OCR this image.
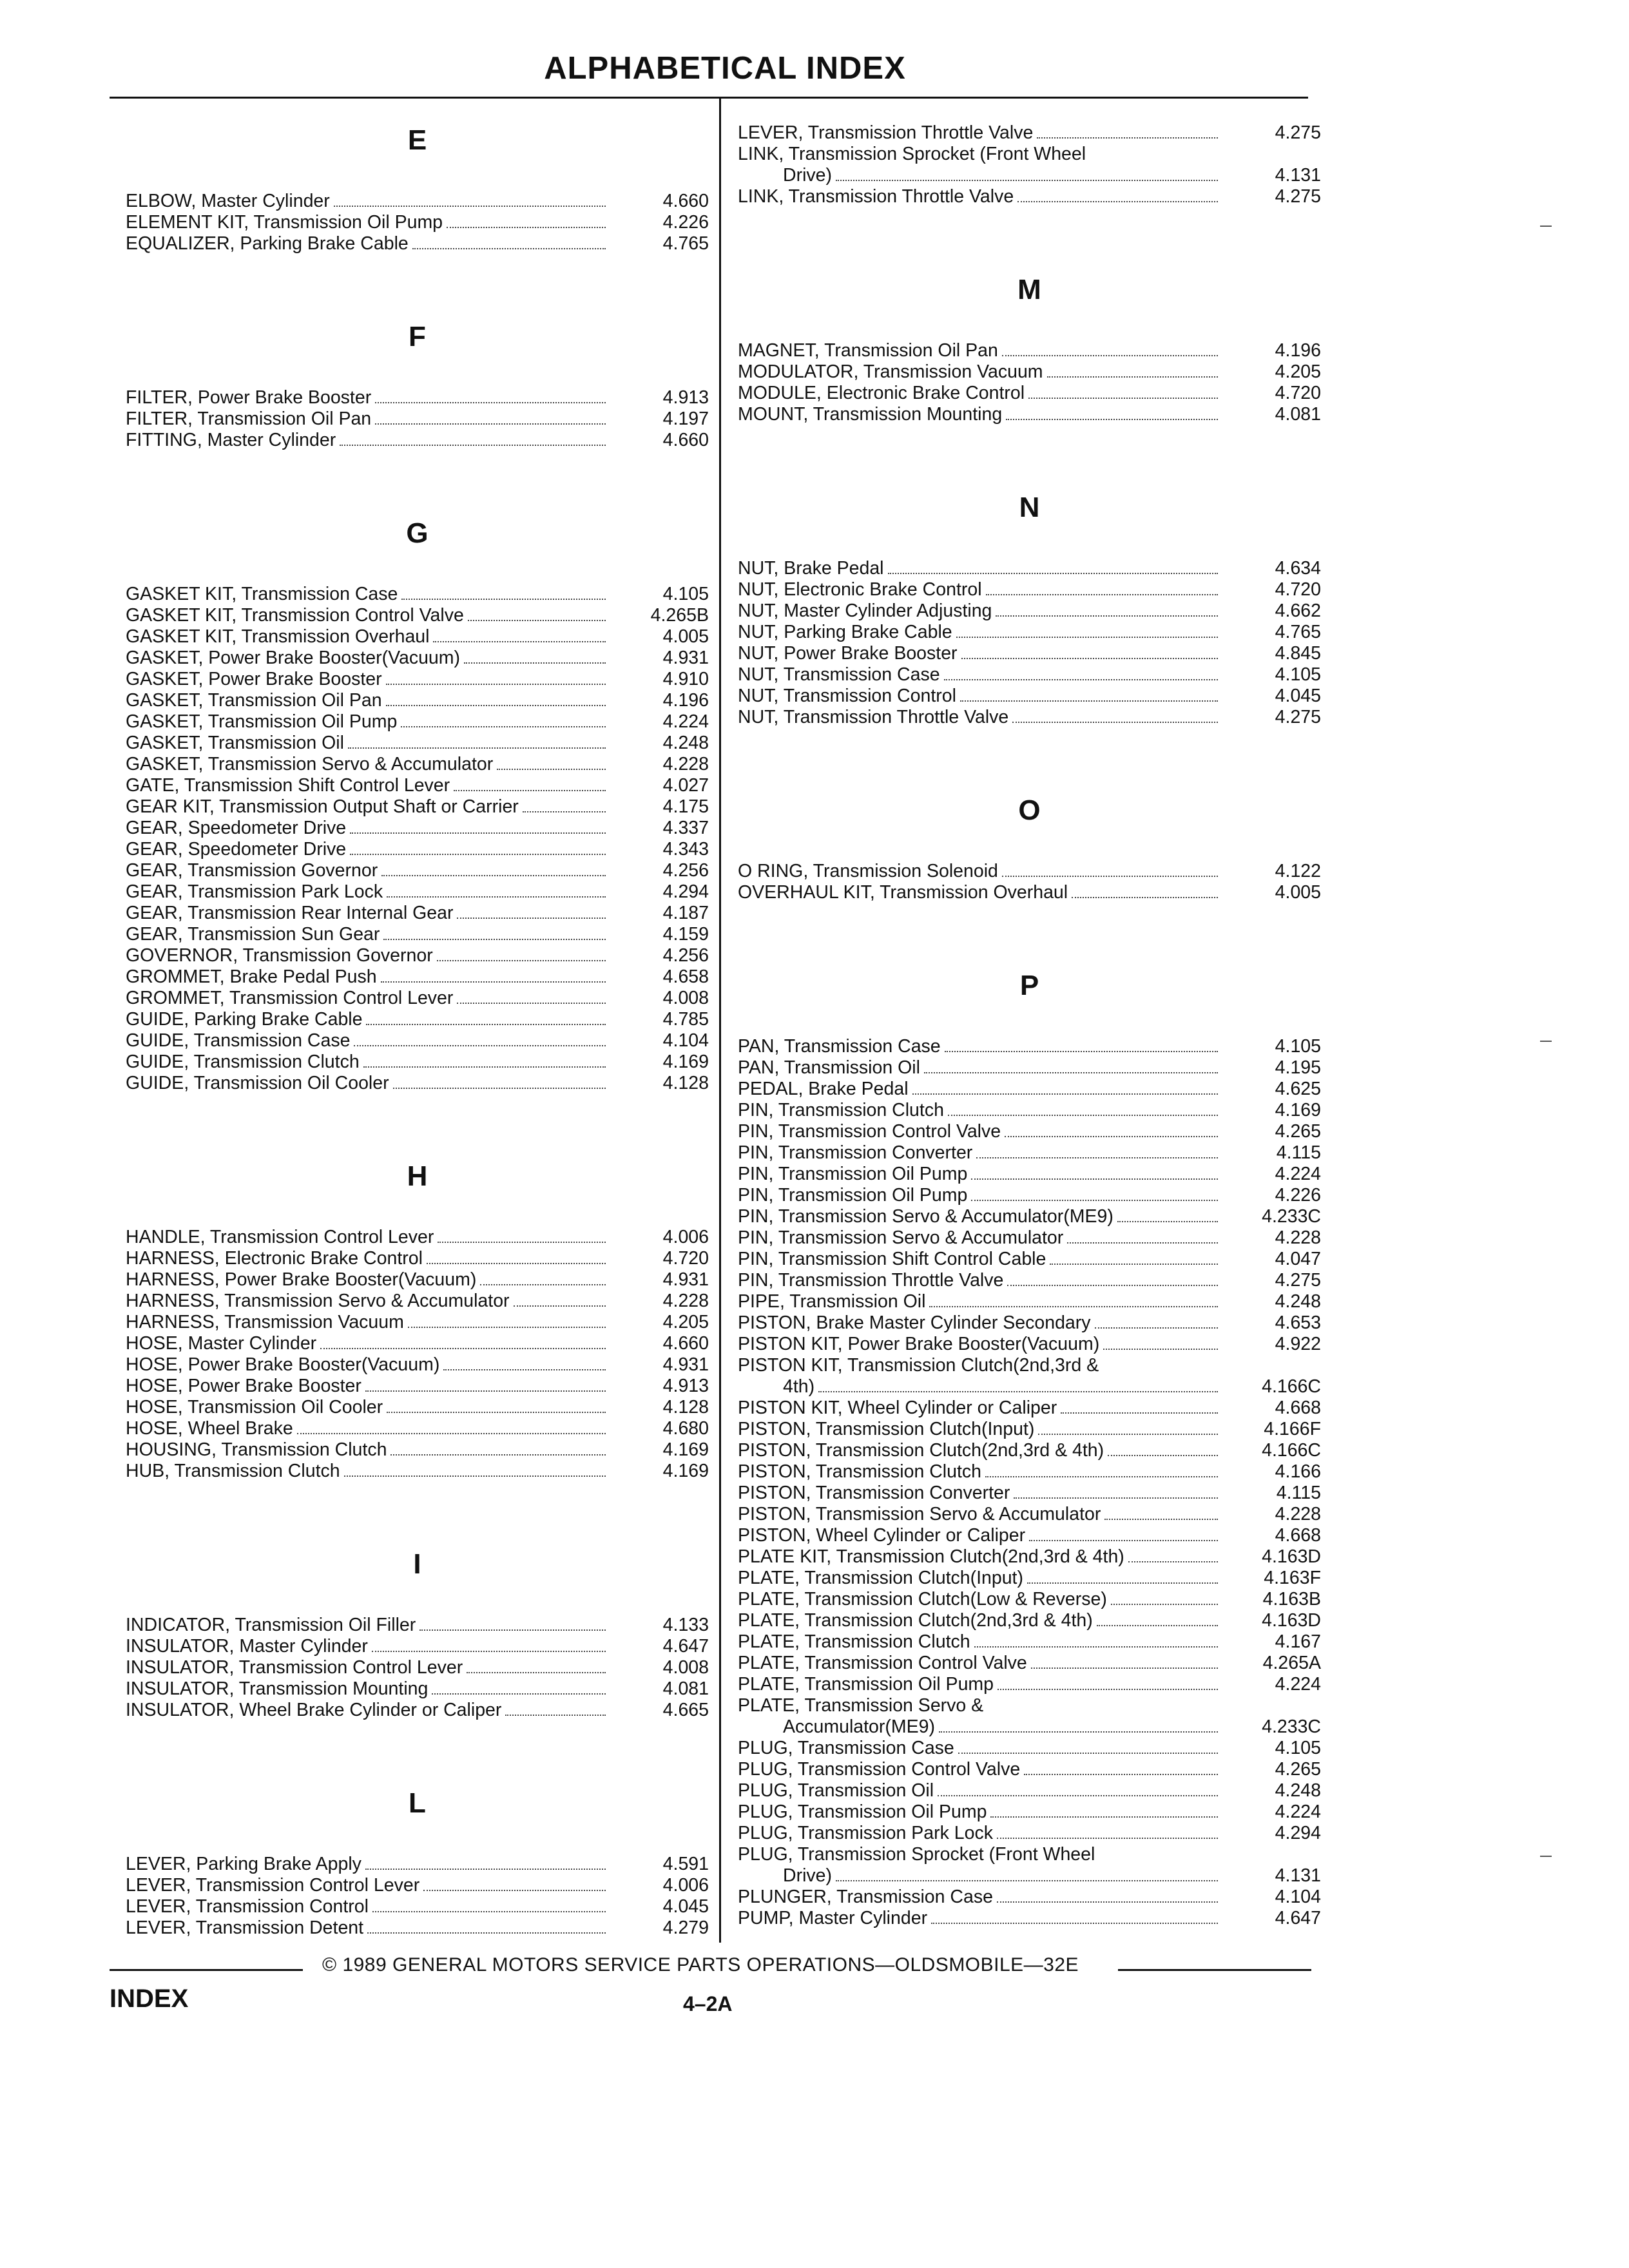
ALPHABETICAL INDEX
E
ELBOW, Master Cylinder	4.660
ELEMENT KIT, Transmission Oil Pump	4.226
EQUALIZER, Parking Brake Cable	4.765
F
FILTER, Power Brake Booster	4.913
FILTER, Transmission Oil Pan	4.197
FITTING, Master Cylinder	4.660
G
GASKET KIT, Transmission Case	4.105
GASKET KIT, Transmission Control Valve	4.265B
GASKET KIT, Transmission Overhaul	4.005
GASKET, Power Brake Booster(Vacuum)	4.931
GASKET, Power Brake Booster	4.910
GASKET, Transmission Oil Pan	4.196
GASKET, Transmission Oil Pump	4.224
GASKET, Transmission Oil	4.248
GASKET, Transmission Servo & Accumulator	4.228
GATE, Transmission Shift Control Lever	4.027
GEAR KIT, Transmission Output Shaft or Carrier	4.175
GEAR, Speedometer Drive	4.337
GEAR, Speedometer Drive	4.343
GEAR, Transmission Governor	4.256
GEAR, Transmission Park Lock	4.294
GEAR, Transmission Rear Internal Gear	4.187
GEAR, Transmission Sun Gear	4.159
GOVERNOR, Transmission Governor	4.256
GROMMET, Brake Pedal Push	4.658
GROMMET, Transmission Control Lever	4.008
GUIDE, Parking Brake Cable	4.785
GUIDE, Transmission Case	4.104
GUIDE, Transmission Clutch	4.169
GUIDE, Transmission Oil Cooler	4.128
H
HANDLE, Transmission Control Lever	4.006
HARNESS, Electronic Brake Control	4.720
HARNESS, Power Brake Booster(Vacuum)	4.931
HARNESS, Transmission Servo & Accumulator	4.228
HARNESS, Transmission Vacuum	4.205
HOSE, Master Cylinder	4.660
HOSE, Power Brake Booster(Vacuum)	4.931
HOSE, Power Brake Booster	4.913
HOSE, Transmission Oil Cooler	4.128
HOSE, Wheel Brake	4.680
HOUSING, Transmission Clutch	4.169
HUB, Transmission Clutch	4.169
I
INDICATOR, Transmission Oil Filler	4.133
INSULATOR, Master Cylinder	4.647
INSULATOR, Transmission Control Lever	4.008
INSULATOR, Transmission Mounting	4.081
INSULATOR, Wheel Brake Cylinder or Caliper	4.665
L
LEVER, Parking Brake Apply	4.591
LEVER, Transmission Control Lever	4.006
LEVER, Transmission Control	4.045
LEVER, Transmission Detent	4.279
LEVER, Transmission Throttle Valve	4.275
LINK, Transmission Sprocket (Front Wheel
Drive)	4.131
LINK, Transmission Throttle Valve	4.275
M
MAGNET, Transmission Oil Pan	4.196
MODULATOR, Transmission Vacuum	4.205
MODULE, Electronic Brake Control	4.720
MOUNT, Transmission Mounting	4.081
N
NUT, Brake Pedal	4.634
NUT, Electronic Brake Control	4.720
NUT, Master Cylinder Adjusting	4.662
NUT, Parking Brake Cable	4.765
NUT, Power Brake Booster	4.845
NUT, Transmission Case	4.105
NUT, Transmission Control	4.045
NUT, Transmission Throttle Valve	4.275
O
O RING, Transmission Solenoid	4.122
OVERHAUL KIT, Transmission Overhaul	4.005
P
PAN, Transmission Case	4.105
PAN, Transmission Oil	4.195
PEDAL, Brake Pedal	4.625
PIN, Transmission Clutch	4.169
PIN, Transmission Control Valve	4.265
PIN, Transmission Converter	4.115
PIN, Transmission Oil Pump	4.224
PIN, Transmission Oil Pump	4.226
PIN, Transmission Servo & Accumulator(ME9)	4.233C
PIN, Transmission Servo & Accumulator	4.228
PIN, Transmission Shift Control Cable	4.047
PIN, Transmission Throttle Valve	4.275
PIPE, Transmission Oil	4.248
PISTON, Brake Master Cylinder Secondary	4.653
PISTON KIT, Power Brake Booster(Vacuum)	4.922
PISTON KIT, Transmission Clutch(2nd,3rd &
4th)	4.166C
PISTON KIT, Wheel Cylinder or Caliper	4.668
PISTON, Transmission Clutch(Input)	4.166F
PISTON, Transmission Clutch(2nd,3rd & 4th)	4.166C
PISTON, Transmission Clutch	4.166
PISTON, Transmission Converter	4.115
PISTON, Transmission Servo & Accumulator	4.228
PISTON, Wheel Cylinder or Caliper	4.668
PLATE KIT, Transmission Clutch(2nd,3rd & 4th)	4.163D
PLATE, Transmission Clutch(Input)	4.163F
PLATE, Transmission Clutch(Low & Reverse)	4.163B
PLATE, Transmission Clutch(2nd,3rd & 4th)	4.163D
PLATE, Transmission Clutch	4.167
PLATE, Transmission Control Valve	4.265A
PLATE, Transmission Oil Pump	4.224
PLATE, Transmission Servo &
Accumulator(ME9)	4.233C
PLUG, Transmission Case	4.105
PLUG, Transmission Control Valve	4.265
PLUG, Transmission Oil	4.248
PLUG, Transmission Oil Pump	4.224
PLUG, Transmission Park Lock	4.294
PLUG, Transmission Sprocket (Front Wheel
Drive)	4.131
PLUNGER, Transmission Case	4.104
PUMP, Master Cylinder	4.647
© 1989 GENERAL MOTORS SERVICE PARTS OPERATIONS—OLDSMOBILE—32E
INDEX	4–2A
